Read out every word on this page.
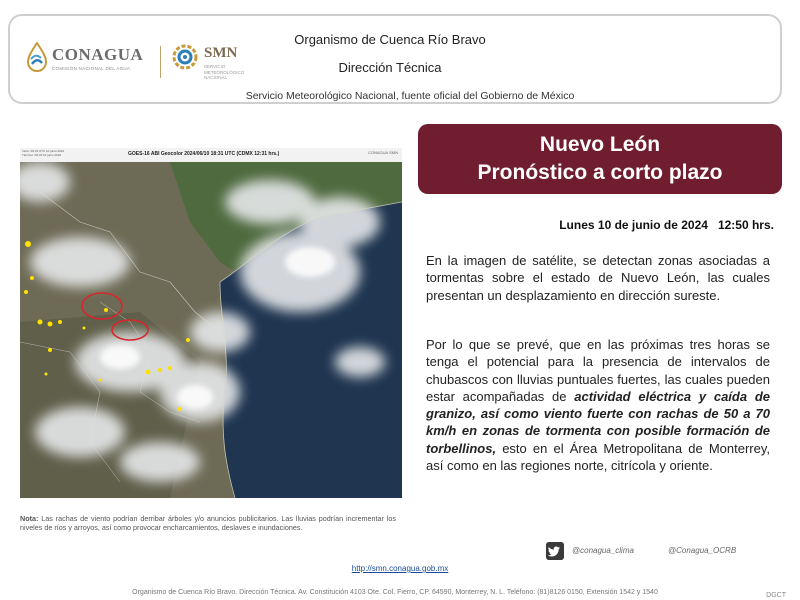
CONAGUA
COMISIÓN NACIONAL DEL AGUA
SMN
SERVICIO METEOROLÓGICO NACIONAL
Organismo de Cuenca Río Bravo
Dirección Técnica
Servicio Meteorológico Nacional, fuente oficial del Gobierno de México
Inicio: 06:31 UTC 10 junio 2024 Término: 06:31 10 junio 2024	GOES-16 ABI Geocolor 2024/06/10 18:31 UTC (CDMX 12:31 hrs.)	CONAGUA SMN
Nota: Las rachas de viento podrían derribar árboles y/o anuncios publicitarios. Las lluvias podrían incrementar los niveles de ríos y arroyos, así como provocar encharcamientos, deslaves e inundaciones.
Nuevo León
Pronóstico a corto plazo
Lunes 10 de junio de 2024 12:50 hrs.
En la imagen de satélite, se detectan zonas asociadas a tormentas sobre el estado de Nuevo León, las cuales presentan un desplazamiento en dirección sureste.
Por lo que se prevé, que en las próximas tres horas se tenga el potencial para la presencia de intervalos de chubascos con lluvias puntuales fuertes, las cuales pueden estar acompañadas de actividad eléctrica y caída de granizo, así como viento fuerte con rachas de 50 a 70 km/h en zonas de tormenta con posible formación de torbellinos, esto en el Área Metropolitana de Monterrey, así como en las regiones norte, citrícola y oriente.
@conagua_clima	@Conagua_OCRB
http://smn.conagua.gob.mx
Organismo de Cuenca Río Bravo. Dirección Técnica. Av. Constitución 4103 Ote. Col. Fierro, CP. 64590, Monterrey, N. L. Teléfono: (81)8126 0150, Extensión 1542 y 1540	DGCT
